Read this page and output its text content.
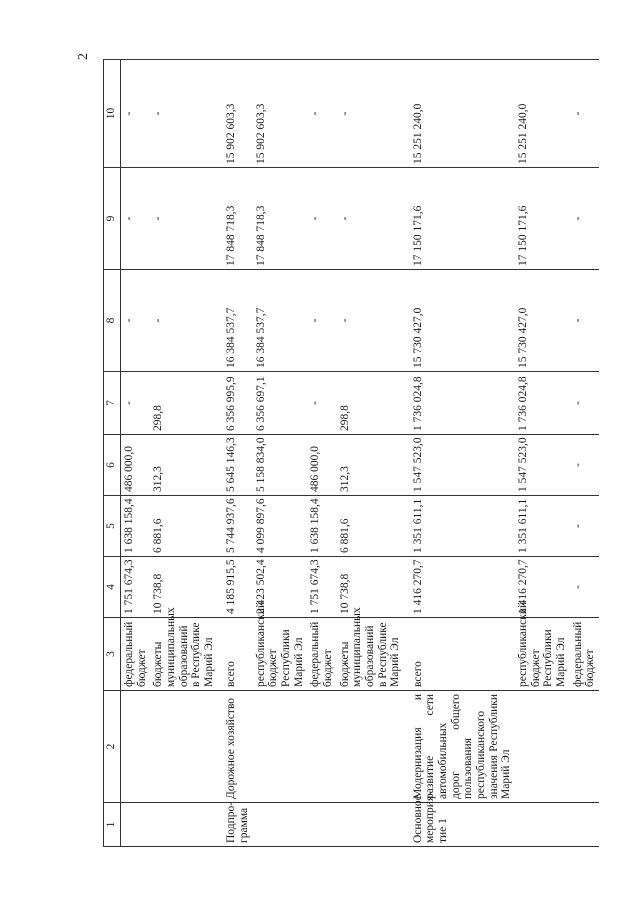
2
1	2	3	4	5	6	7	8	9	10
		федеральный бюджет	1 751 674,3	1 638 158,4	486 000,0	-	-	-	-
		бюджеты муниципальных образований в Республике Марий Эл	10 738,8	6 881,6	312,3	298,8	-	-	-

Подпро-грамма	Дорожное хозяйство	всего	4 185 915,5	5 744 937,6	5 645 146,3	6 356 995,9	16 384 537,7	17 848 718,3	15 902 603,3
		республиканский бюджет Республики Марий Эл	2 423 502,4	4 099 897,6	5 158 834,0	6 356 697,1	16 384 537,7	17 848 718,3	15 902 603,3
		федеральный бюджет	1 751 674,3	1 638 158,4	486 000,0	-	-	-	-
		бюджеты муниципальных образований в Республике Марий Эл	10 738,8	6 881,6	312,3	298,8	-	-	-

Основное мероприя-тие 1	Модернизация и развитие сети автомобильных дорог общего пользования республиканского значения Республики Марий Эл	всего	1 416 270,7	1 351 611,1	1 547 523,0	1 736 024,8	15 730 427,0	17 150 171,6	15 251 240,0
		республиканский бюджет Республики Марий Эл	1 416 270,7	1 351 611,1	1 547 523,0	1 736 024,8	15 730 427,0	17 150 171,6	15 251 240,0
		федеральный бюджет	-	-	-	-	-	-	-
